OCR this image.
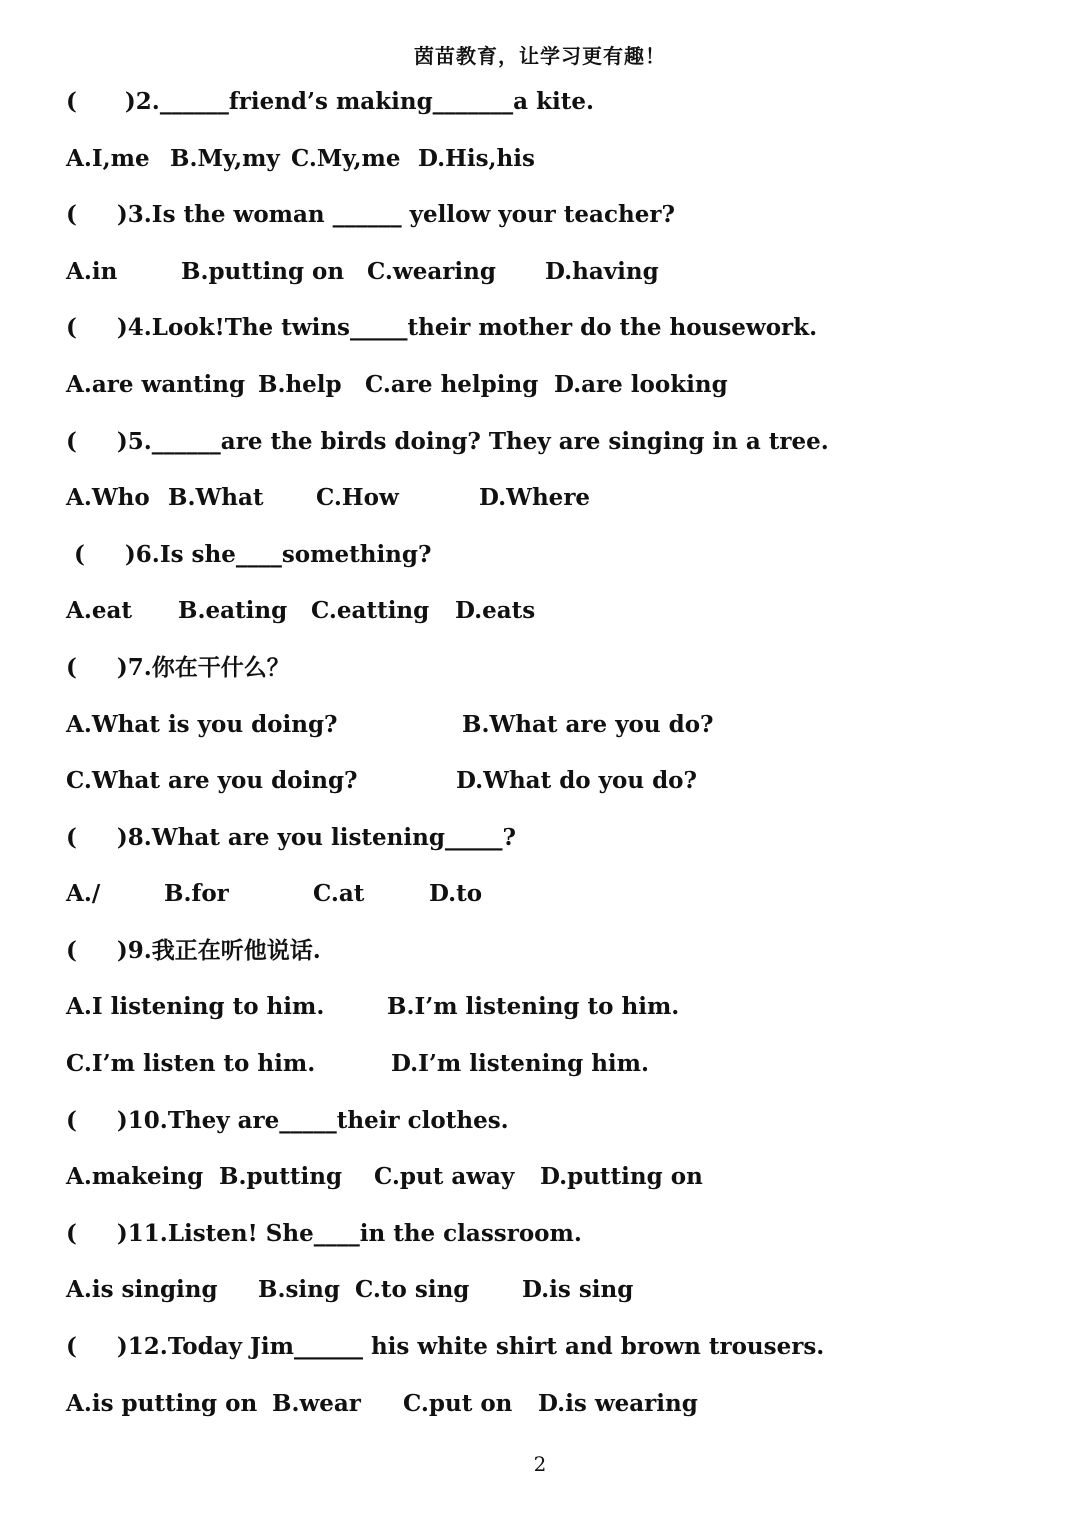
茵苗教育，让学习更有趣！
(      )2.______friend’s making_______a kite.

A.I,me

B.My,my

C.My,me

D.His,his

(     )3.Is the woman ______ yellow your teacher?

A.in

	B.putting on

C.wearing

D.having

(     )4.Look!The twins_____their mother do the housework.

A.are wanting

B.help

C.are helping

D.are looking

(     )5.______are the birds doing? They are singing in a tree.

A.Who

B.What

C.How

	D.Where

(     )6.Is she____something?

A.eat

B.eating

C.eatting

D.eats

(     )7.你在干什么？

A.What is you doing?

	B.What are you do?

C.What are you doing?

	D.What do you do?

(     )8.What are you listening_____?

A./

	B.for

	C.at

	D.to

(     )9.我正在听他说话.

A.I listening to him.

	B.I’m listening to him.

C.I’m listen to him.

	D.I’m listening him.

(     )10.They are_____their clothes.

A.makeing

B.putting

C.put away

D.putting on

(     )11.Listen! She____in the classroom.

A.is singing

B.sing

C.to sing

D.is sing

(     )12.Today Jim______ his white shirt and brown trousers.

A.is putting on

B.wear

C.put on

D.is wearing

2
